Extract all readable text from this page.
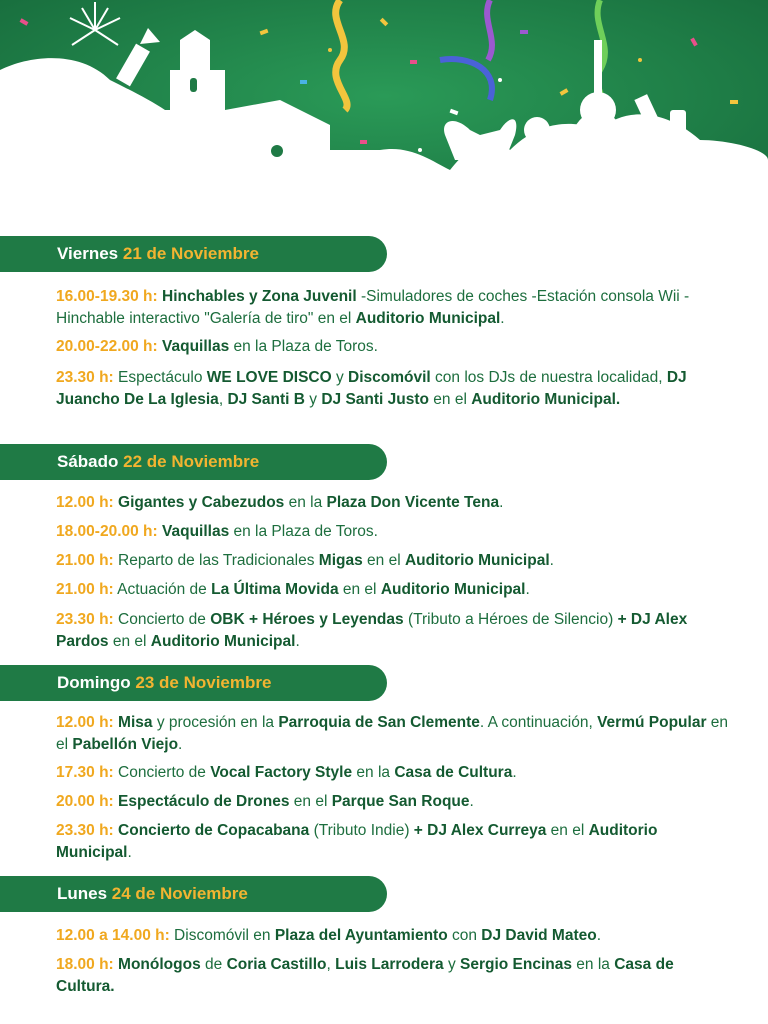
Viernes 21 de Noviembre
16.00-19.30 h: Hinchables y Zona Juvenil -Simuladores de coches -Estación consola Wii -Hinchable interactivo "Galería de tiro" en el Auditorio Municipal.
20.00-22.00 h: Vaquillas en la Plaza de Toros.
23.30 h: Espectáculo WE LOVE DISCO y Discomóvil con los DJs de nuestra localidad, DJ Juancho De La Iglesia, DJ Santi B y DJ Santi Justo en el Auditorio Municipal.
Sábado 22 de Noviembre
12.00 h: Gigantes y Cabezudos en la Plaza Don Vicente Tena.
18.00-20.00 h: Vaquillas en la Plaza de Toros.
21.00 h: Reparto de las Tradicionales Migas en el Auditorio Municipal.
21.00 h: Actuación de La Última Movida en el Auditorio Municipal.
23.30 h: Concierto de OBK + Héroes y Leyendas (Tributo a Héroes de Silencio) + DJ Alex Pardos en el Auditorio Municipal.
Domingo 23 de Noviembre
12.00 h: Misa y procesión en la Parroquia de San Clemente. A continuación, Vermú Popular en el Pabellón Viejo.
17.30 h: Concierto de Vocal Factory Style en la Casa de Cultura.
20.00 h: Espectáculo de Drones en el Parque San Roque.
23.30 h: Concierto de Copacabana (Tributo Indie) + DJ Alex Curreya en el Auditorio Municipal.
Lunes 24 de Noviembre
12.00 a 14.00 h: Discomóvil en Plaza del Ayuntamiento con DJ David Mateo.
18.00 h: Monólogos de Coria Castillo, Luis Larrodera y Sergio Encinas en la Casa de Cultura.
